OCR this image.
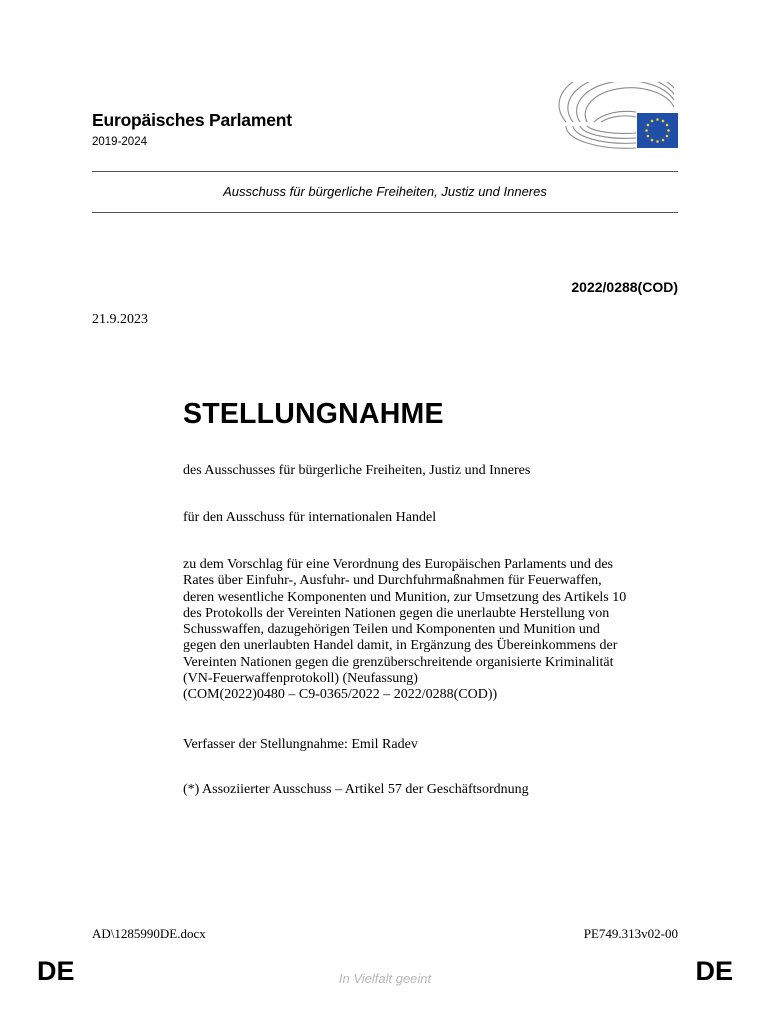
Europäisches Parlament
2019-2024
Ausschuss für bürgerliche Freiheiten, Justiz und Inneres
2022/0288(COD)
21.9.2023
STELLUNGNAHME
des Ausschusses für bürgerliche Freiheiten, Justiz und Inneres
für den Ausschuss für internationalen Handel
zu dem Vorschlag für eine Verordnung des Europäischen Parlaments und des
Rates über Einfuhr-, Ausfuhr- und Durchfuhrmaßnahmen für Feuerwaffen,
deren wesentliche Komponenten und Munition, zur Umsetzung des Artikels 10
des Protokolls der Vereinten Nationen gegen die unerlaubte Herstellung von
Schusswaffen, dazugehörigen Teilen und Komponenten und Munition und
gegen den unerlaubten Handel damit, in Ergänzung des Übereinkommens der
Vereinten Nationen gegen die grenzüberschreitende organisierte Kriminalität
(VN-Feuerwaffenprotokoll) (Neufassung)
(COM(2022)0480 – C9-0365/2022 – 2022/0288(COD))
Verfasser der Stellungnahme: Emil Radev
(*) Assoziierter Ausschuss – Artikel 57 der Geschäftsordnung
AD\1285990DE.docx	PE749.313v02-00
DE	In Vielfalt geeint	DE
